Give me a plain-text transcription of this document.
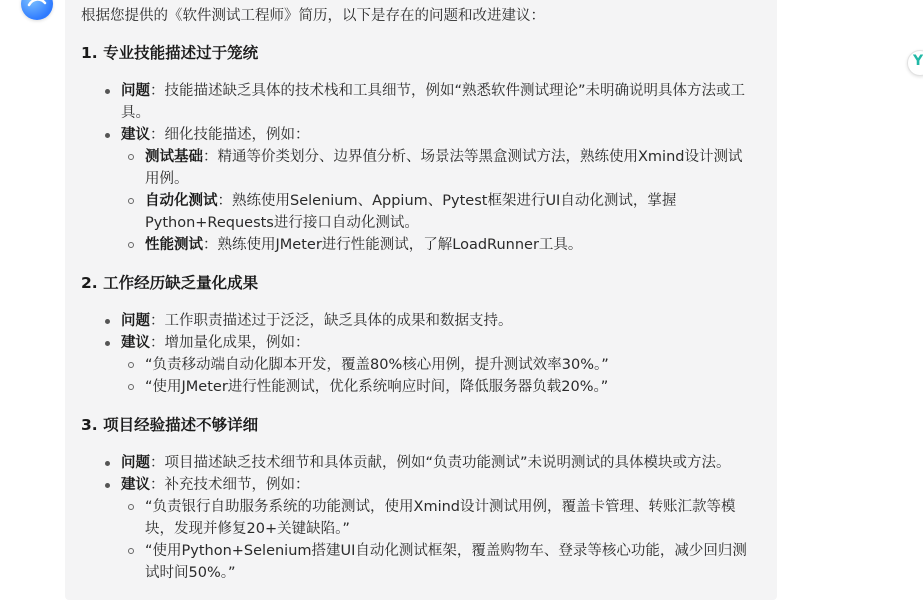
根据您提供的《软件测试工程师》简历，以下是存在的问题和改进建议：

1. 专业技能描述过于笼统
问题：技能描述缺乏具体的技术栈和工具细节，例如“熟悉软件测试理论”未明确说明具体方法或工具。
建议：细化技能描述，例如：
测试基础：精通等价类划分、边界值分析、场景法等黑盒测试方法，熟练使用Xmind设计测试用例。
自动化测试：熟练使用Selenium、Appium、Pytest框架进行UI自动化测试，掌握Python+Requests进行接口自动化测试。
性能测试：熟练使用JMeter进行性能测试，了解LoadRunner工具。
2. 工作经历缺乏量化成果
问题：工作职责描述过于泛泛，缺乏具体的成果和数据支持。
建议：增加量化成果，例如：
“负责移动端自动化脚本开发，覆盖80%核心用例，提升测试效率30%。”
“使用JMeter进行性能测试，优化系统响应时间，降低服务器负载20%。”
3. 项目经验描述不够详细
问题：项目描述缺乏技术细节和具体贡献，例如“负责功能测试”未说明测试的具体模块或方法。
建议：补充技术细节，例如：
“负责银行自助服务系统的功能测试，使用Xmind设计测试用例，覆盖卡管理、转账汇款等模块，发现并修复20+关键缺陷。”
“使用Python+Selenium搭建UI自动化测试框架，覆盖购物车、登录等核心功能，减少回归测试时间50%。”
Y
